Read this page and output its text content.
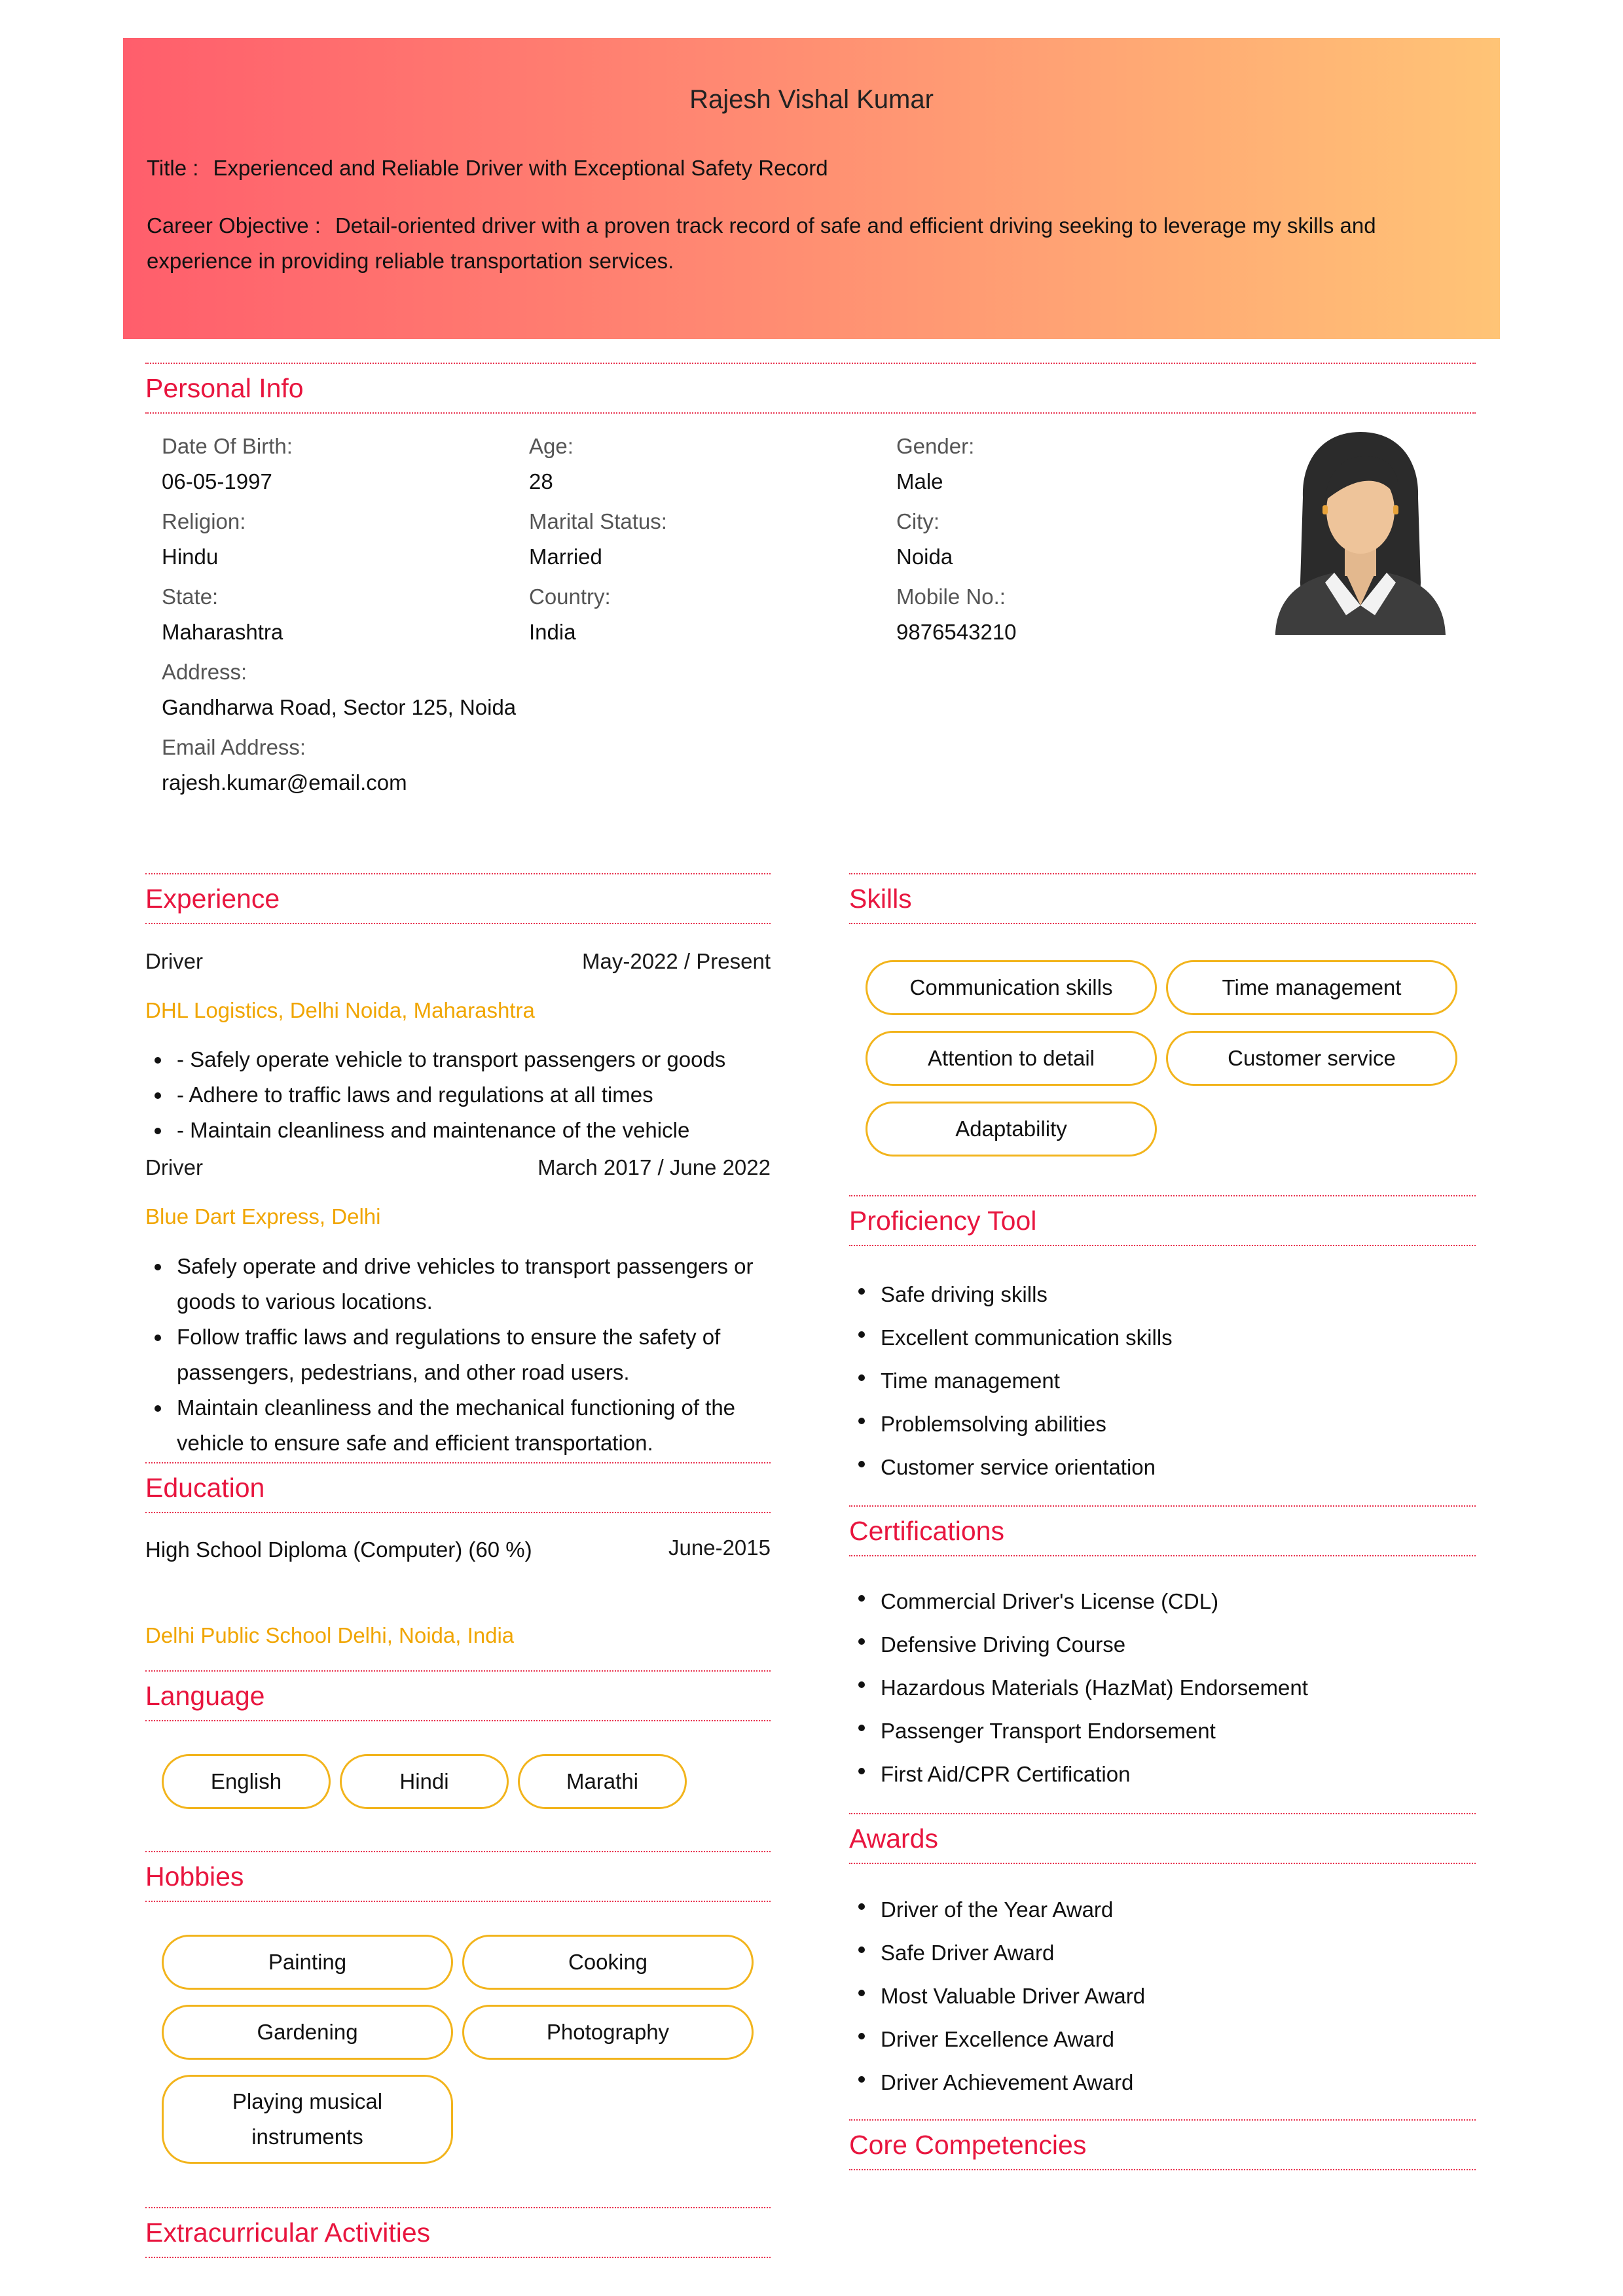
Rajesh Vishal Kumar
Title : Experienced and Reliable Driver with Exceptional Safety Record
Career Objective : Detail-oriented driver with a proven track record of safe and efficient driving seeking to leverage my skills and experience in providing reliable transportation services.
Personal Info
Date Of Birth:
06-05-1997
Age:
28
Gender:
Male
Religion:
Hindu
Marital Status:
Married
City:
Noida
State:
Maharashtra
Country:
India
Mobile No.:
9876543210
Address:
Gandharwa Road, Sector 125, Noida
Email Address:
rajesh.kumar@email.com
Experience
Driver	May-2022 / Present
DHL Logistics, Delhi Noida, Maharashtra
- Safely operate vehicle to transport passengers or goods
- Adhere to traffic laws and regulations at all times
- Maintain cleanliness and maintenance of the vehicle
Driver	March 2017 / June 2022
Blue Dart Express, Delhi
Safely operate and drive vehicles to transport passengers or goods to various locations.
Follow traffic laws and regulations to ensure the safety of passengers, pedestrians, and other road users.
Maintain cleanliness and the mechanical functioning of the vehicle to ensure safe and efficient transportation.
Education
High School Diploma (Computer) (60 %)	June-2015
Delhi Public School Delhi, Noida, India
Language
English	Hindi	Marathi
Hobbies
Painting	Cooking
Gardening	Photography
Playing musical instruments
Extracurricular Activities
Skills
Communication skills	Time management
Attention to detail	Customer service
Adaptability
Proficiency Tool
Safe driving skills
Excellent communication skills
Time management
Problemsolving abilities
Customer service orientation
Certifications
Commercial Driver's License (CDL)
Defensive Driving Course
Hazardous Materials (HazMat) Endorsement
Passenger Transport Endorsement
First Aid/CPR Certification
Awards
Driver of the Year Award
Safe Driver Award
Most Valuable Driver Award
Driver Excellence Award
Driver Achievement Award
Core Competencies
